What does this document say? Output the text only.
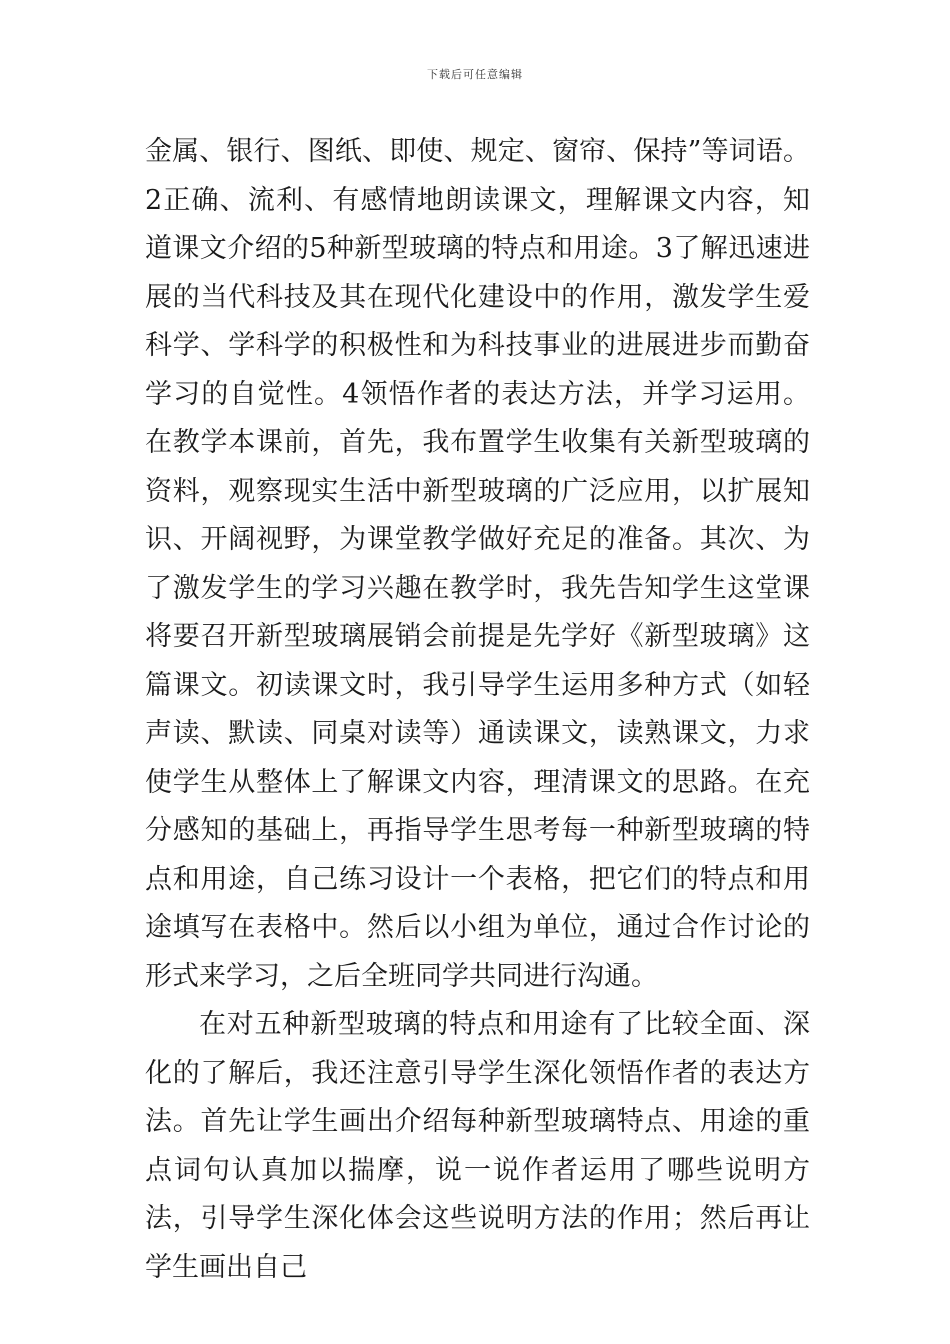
下载后可任意编辑

金属、银行、图纸、即使、规定、窗帘、保持”等词语。2正确、流利、有感情地朗读课文，理解课文内容，知道课文介绍的5种新型玻璃的特点和用途。3了解迅速进展的当代科技及其在现代化建设中的作用，激发学生爱科学、学科学的积极性和为科技事业的进展进步而勤奋学习的自觉性。4领悟作者的表达方法，并学习运用。在教学本课前，首先，我布置学生收集有关新型玻璃的资料，观察现实生活中新型玻璃的广泛应用，以扩展知识、开阔视野，为课堂教学做好充足的准备。其次、为了激发学生的学习兴趣在教学时，我先告知学生这堂课将要召开新型玻璃展销会前提是先学好《新型玻璃》这篇课文。初读课文时，我引导学生运用多种方式（如轻声读、默读、同桌对读等）通读课文，读熟课文，力求使学生从整体上了解课文内容，理清课文的思路。在充分感知的基础上，再指导学生思考每一种新型玻璃的特点和用途，自己练习设计一个表格，把它们的特点和用途填写在表格中。然后以小组为单位，通过合作讨论的形式来学习，之后全班同学共同进行沟通。

在对五种新型玻璃的特点和用途有了比较全面、深化的了解后，我还注意引导学生深化领悟作者的表达方法。首先让学生画出介绍每种新型玻璃特点、用途的重点词句认真加以揣摩，说一说作者运用了哪些说明方法，引导学生深化体会这些说明方法的作用；然后再让学生画出自己
